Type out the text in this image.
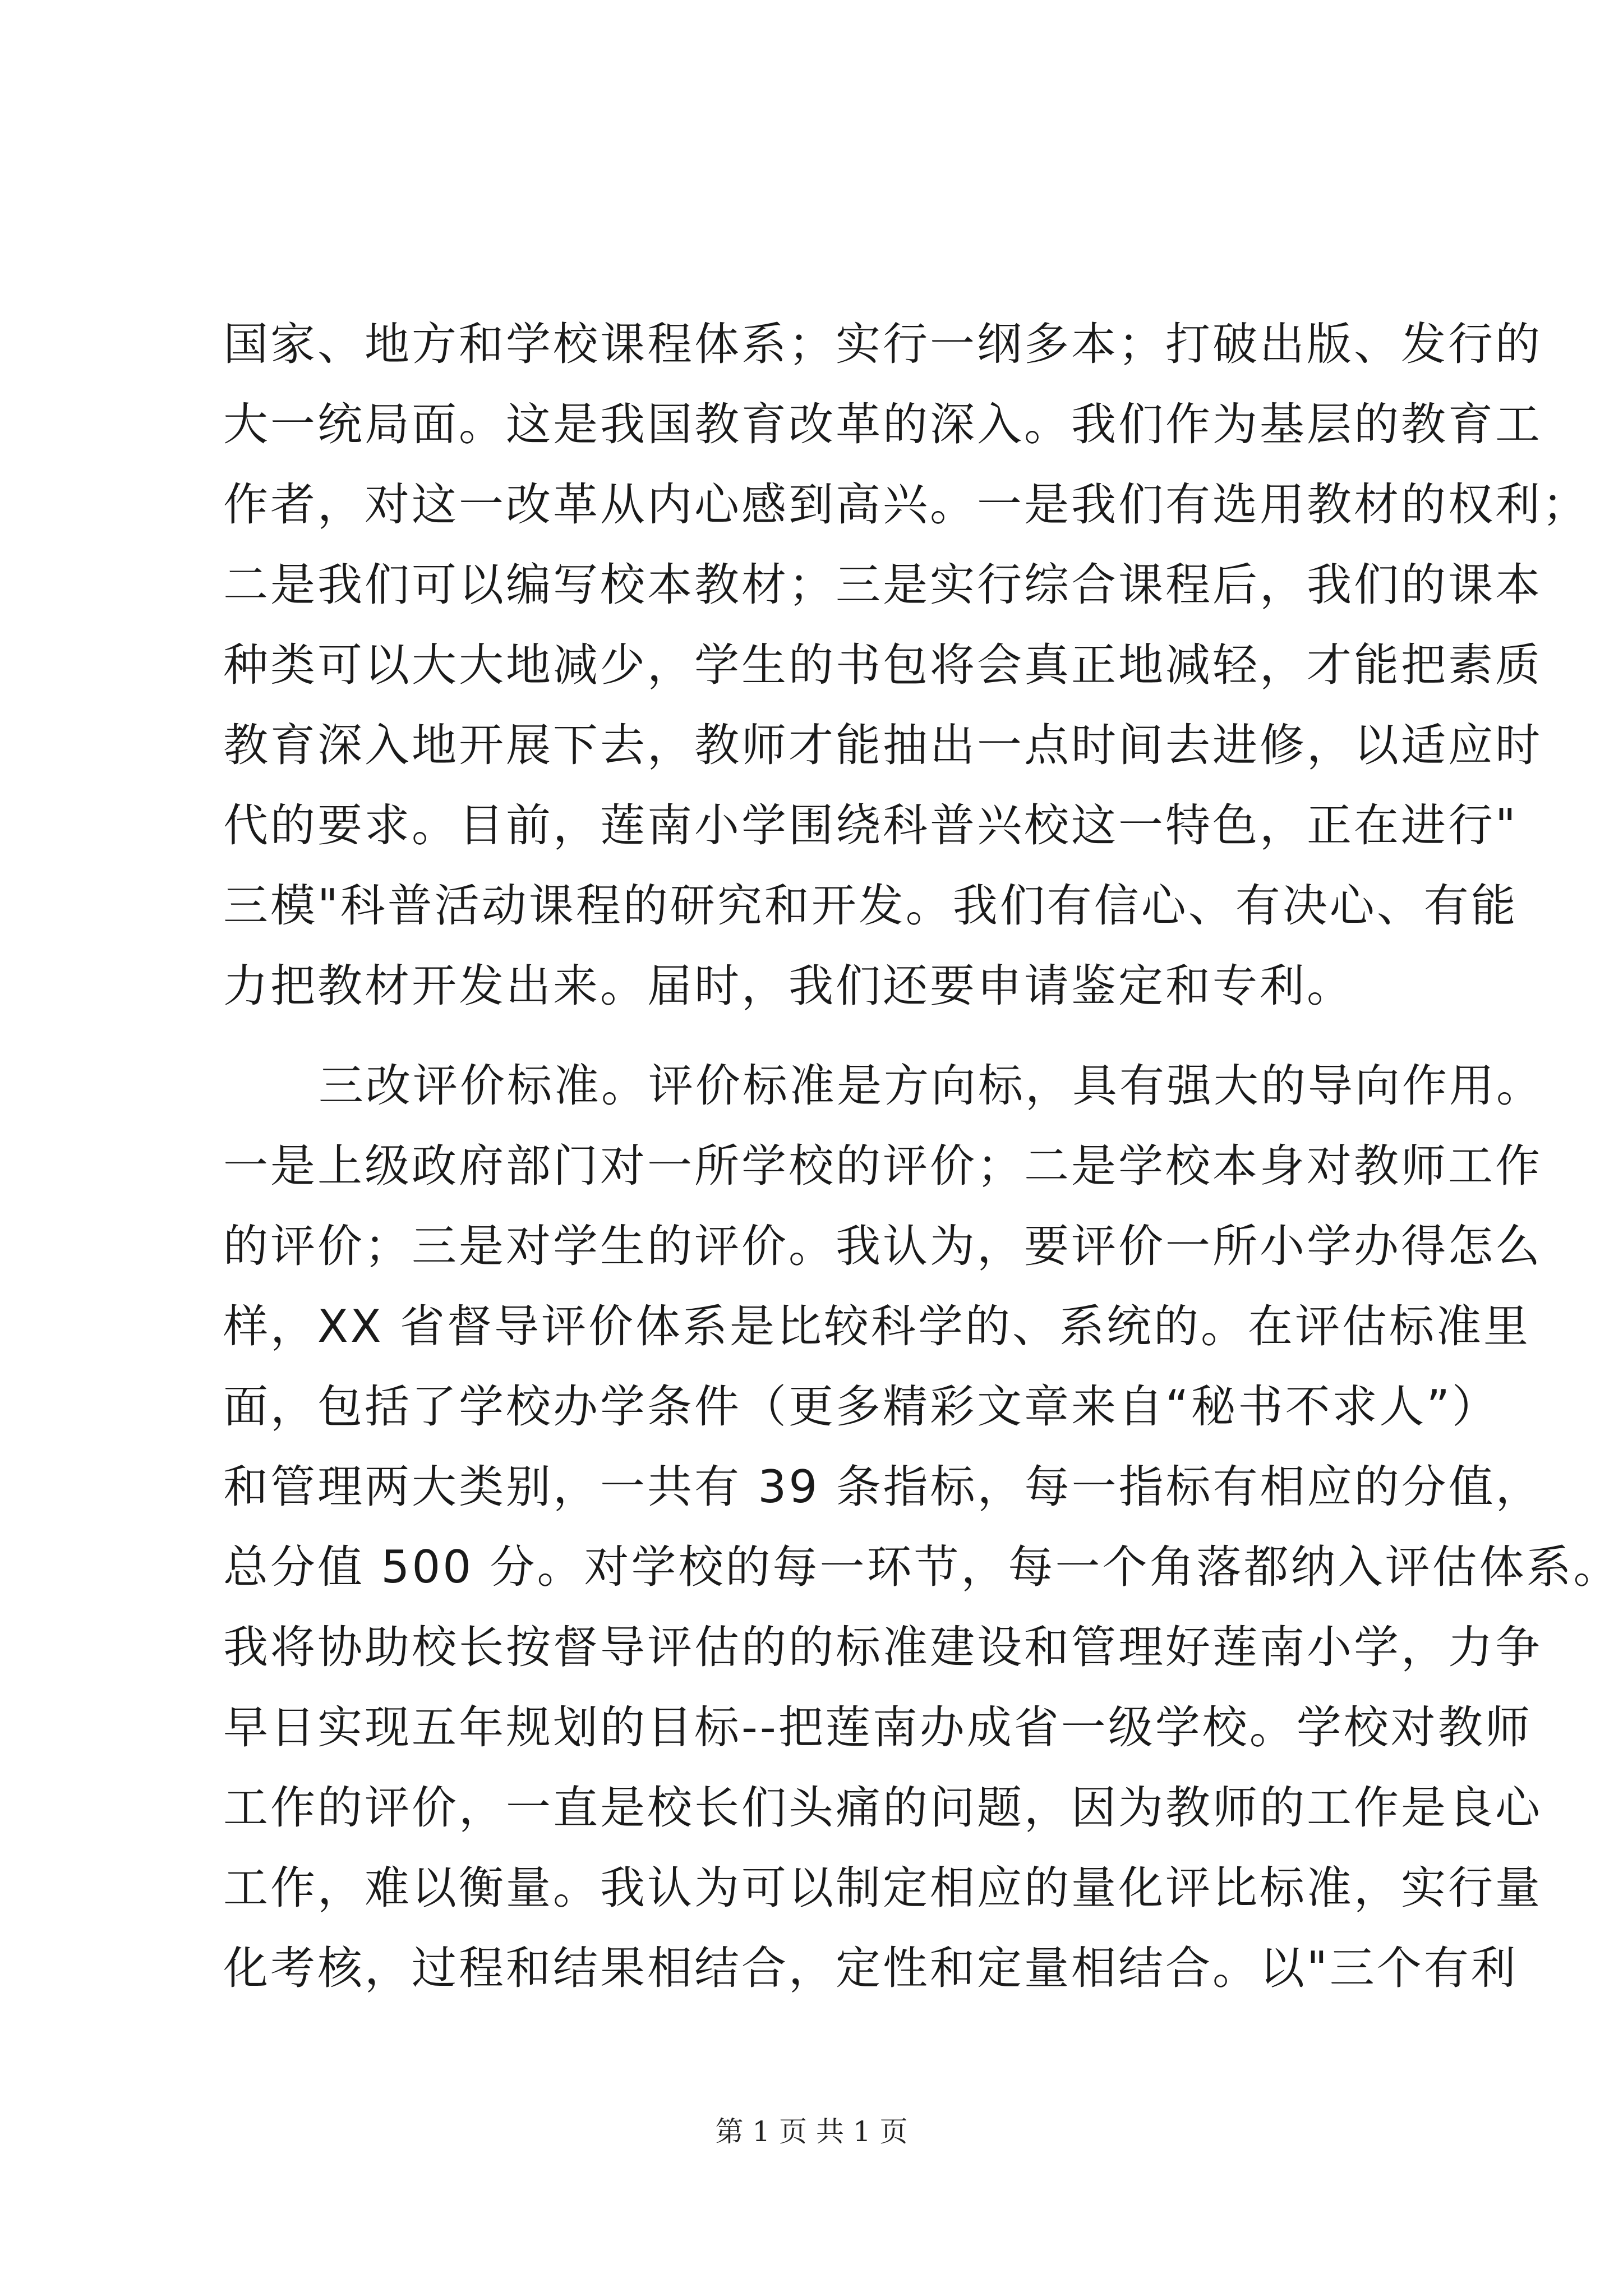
国家、地方和学校课程体系；实行一纲多本；打破出版、发行的
大一统局面。这是我国教育改革的深入。我们作为基层的教育工
作者，对这一改革从内心感到高兴。一是我们有选用教材的权利；
二是我们可以编写校本教材；三是实行综合课程后，我们的课本
种类可以大大地减少，学生的书包将会真正地减轻，才能把素质
教育深入地开展下去，教师才能抽出一点时间去进修，以适应时
代的要求。目前，莲南小学围绕科普兴校这一特色，正在进行"
三模"科普活动课程的研究和开发。我们有信心、有决心、有能
力把教材开发出来。届时，我们还要申请鉴定和专利。
三改评价标准。评价标准是方向标，具有强大的导向作用。
一是上级政府部门对一所学校的评价；二是学校本身对教师工作
的评价；三是对学生的评价。我认为，要评价一所小学办得怎么
样，XX 省督导评价体系是比较科学的、系统的。在评估标准里
面，包括了学校办学条件（更多精彩文章来自“秘书不求人”）
和管理两大类别，一共有 39 条指标，每一指标有相应的分值，
总分值 500 分。对学校的每一环节，每一个角落都纳入评估体系。
我将协助校长按督导评估的的标准建设和管理好莲南小学，力争
早日实现五年规划的目标--把莲南办成省一级学校。学校对教师
工作的评价，一直是校长们头痛的问题，因为教师的工作是良心
工作，难以衡量。我认为可以制定相应的量化评比标准，实行量
化考核，过程和结果相结合，定性和定量相结合。以"三个有利
第 1 页 共 1 页
